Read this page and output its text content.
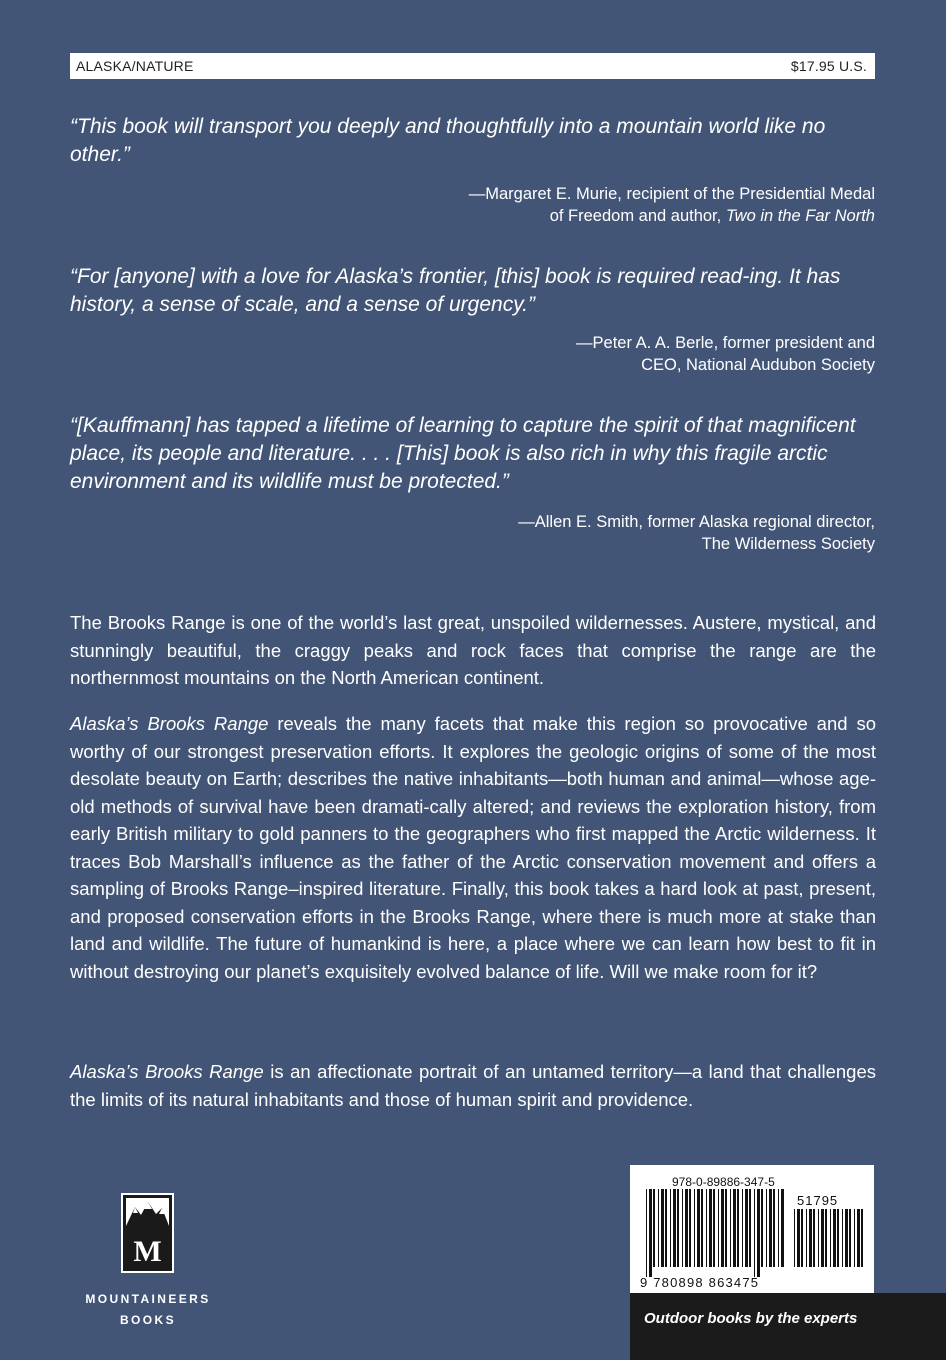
ALASKA/NATURE	$17.95 U.S.
“This book will transport you deeply and thoughtfully into a mountain world like no other.”
—Margaret E. Murie, recipient of the Presidential Medal
of Freedom and author, Two in the Far North
“For [anyone] with a love for Alaska’s frontier, [this] book is required read-ing. It has history, a sense of scale, and a sense of urgency.”
—Peter A. A. Berle, former president and
CEO, National Audubon Society
“[Kauffmann] has tapped a lifetime of learning to capture the spirit of that magnificent place, its people and literature. . . . [This] book is also rich in why this fragile arctic environment and its wildlife must be protected.”
—Allen E. Smith, former Alaska regional director,
The Wilderness Society
The Brooks Range is one of the world’s last great, unspoiled wildernesses. Austere, mystical, and stunningly beautiful, the craggy peaks and rock faces that comprise the range are the northernmost mountains on the North American continent.
Alaska’s Brooks Range reveals the many facets that make this region so provocative and so worthy of our strongest preservation efforts. It explores the geologic origins of some of the most desolate beauty on Earth; describes the native inhabitants—both human and animal—whose age-old methods of survival have been dramati-cally altered; and reviews the exploration history, from early British military to gold panners to the geographers who first mapped the Arctic wilderness. It traces Bob Marshall’s influence as the father of the Arctic conservation movement and offers a sampling of Brooks Range–inspired literature. Finally, this book takes a hard look at past, present, and proposed conservation efforts in the Brooks Range, where there is much more at stake than land and wildlife. The future of humankind is here, a place where we can learn how best to fit in without destroying our planet’s exquisitely evolved balance of life. Will we make room for it?
Alaska’s Brooks Range is an affectionate portrait of an untamed territory—a land that challenges the limits of its natural inhabitants and those of human spirit and providence.
M
MOUNTAINEERS
BOOKS
978-0-89886-347-5
51795
9 780898 863475
Outdoor books by the experts
